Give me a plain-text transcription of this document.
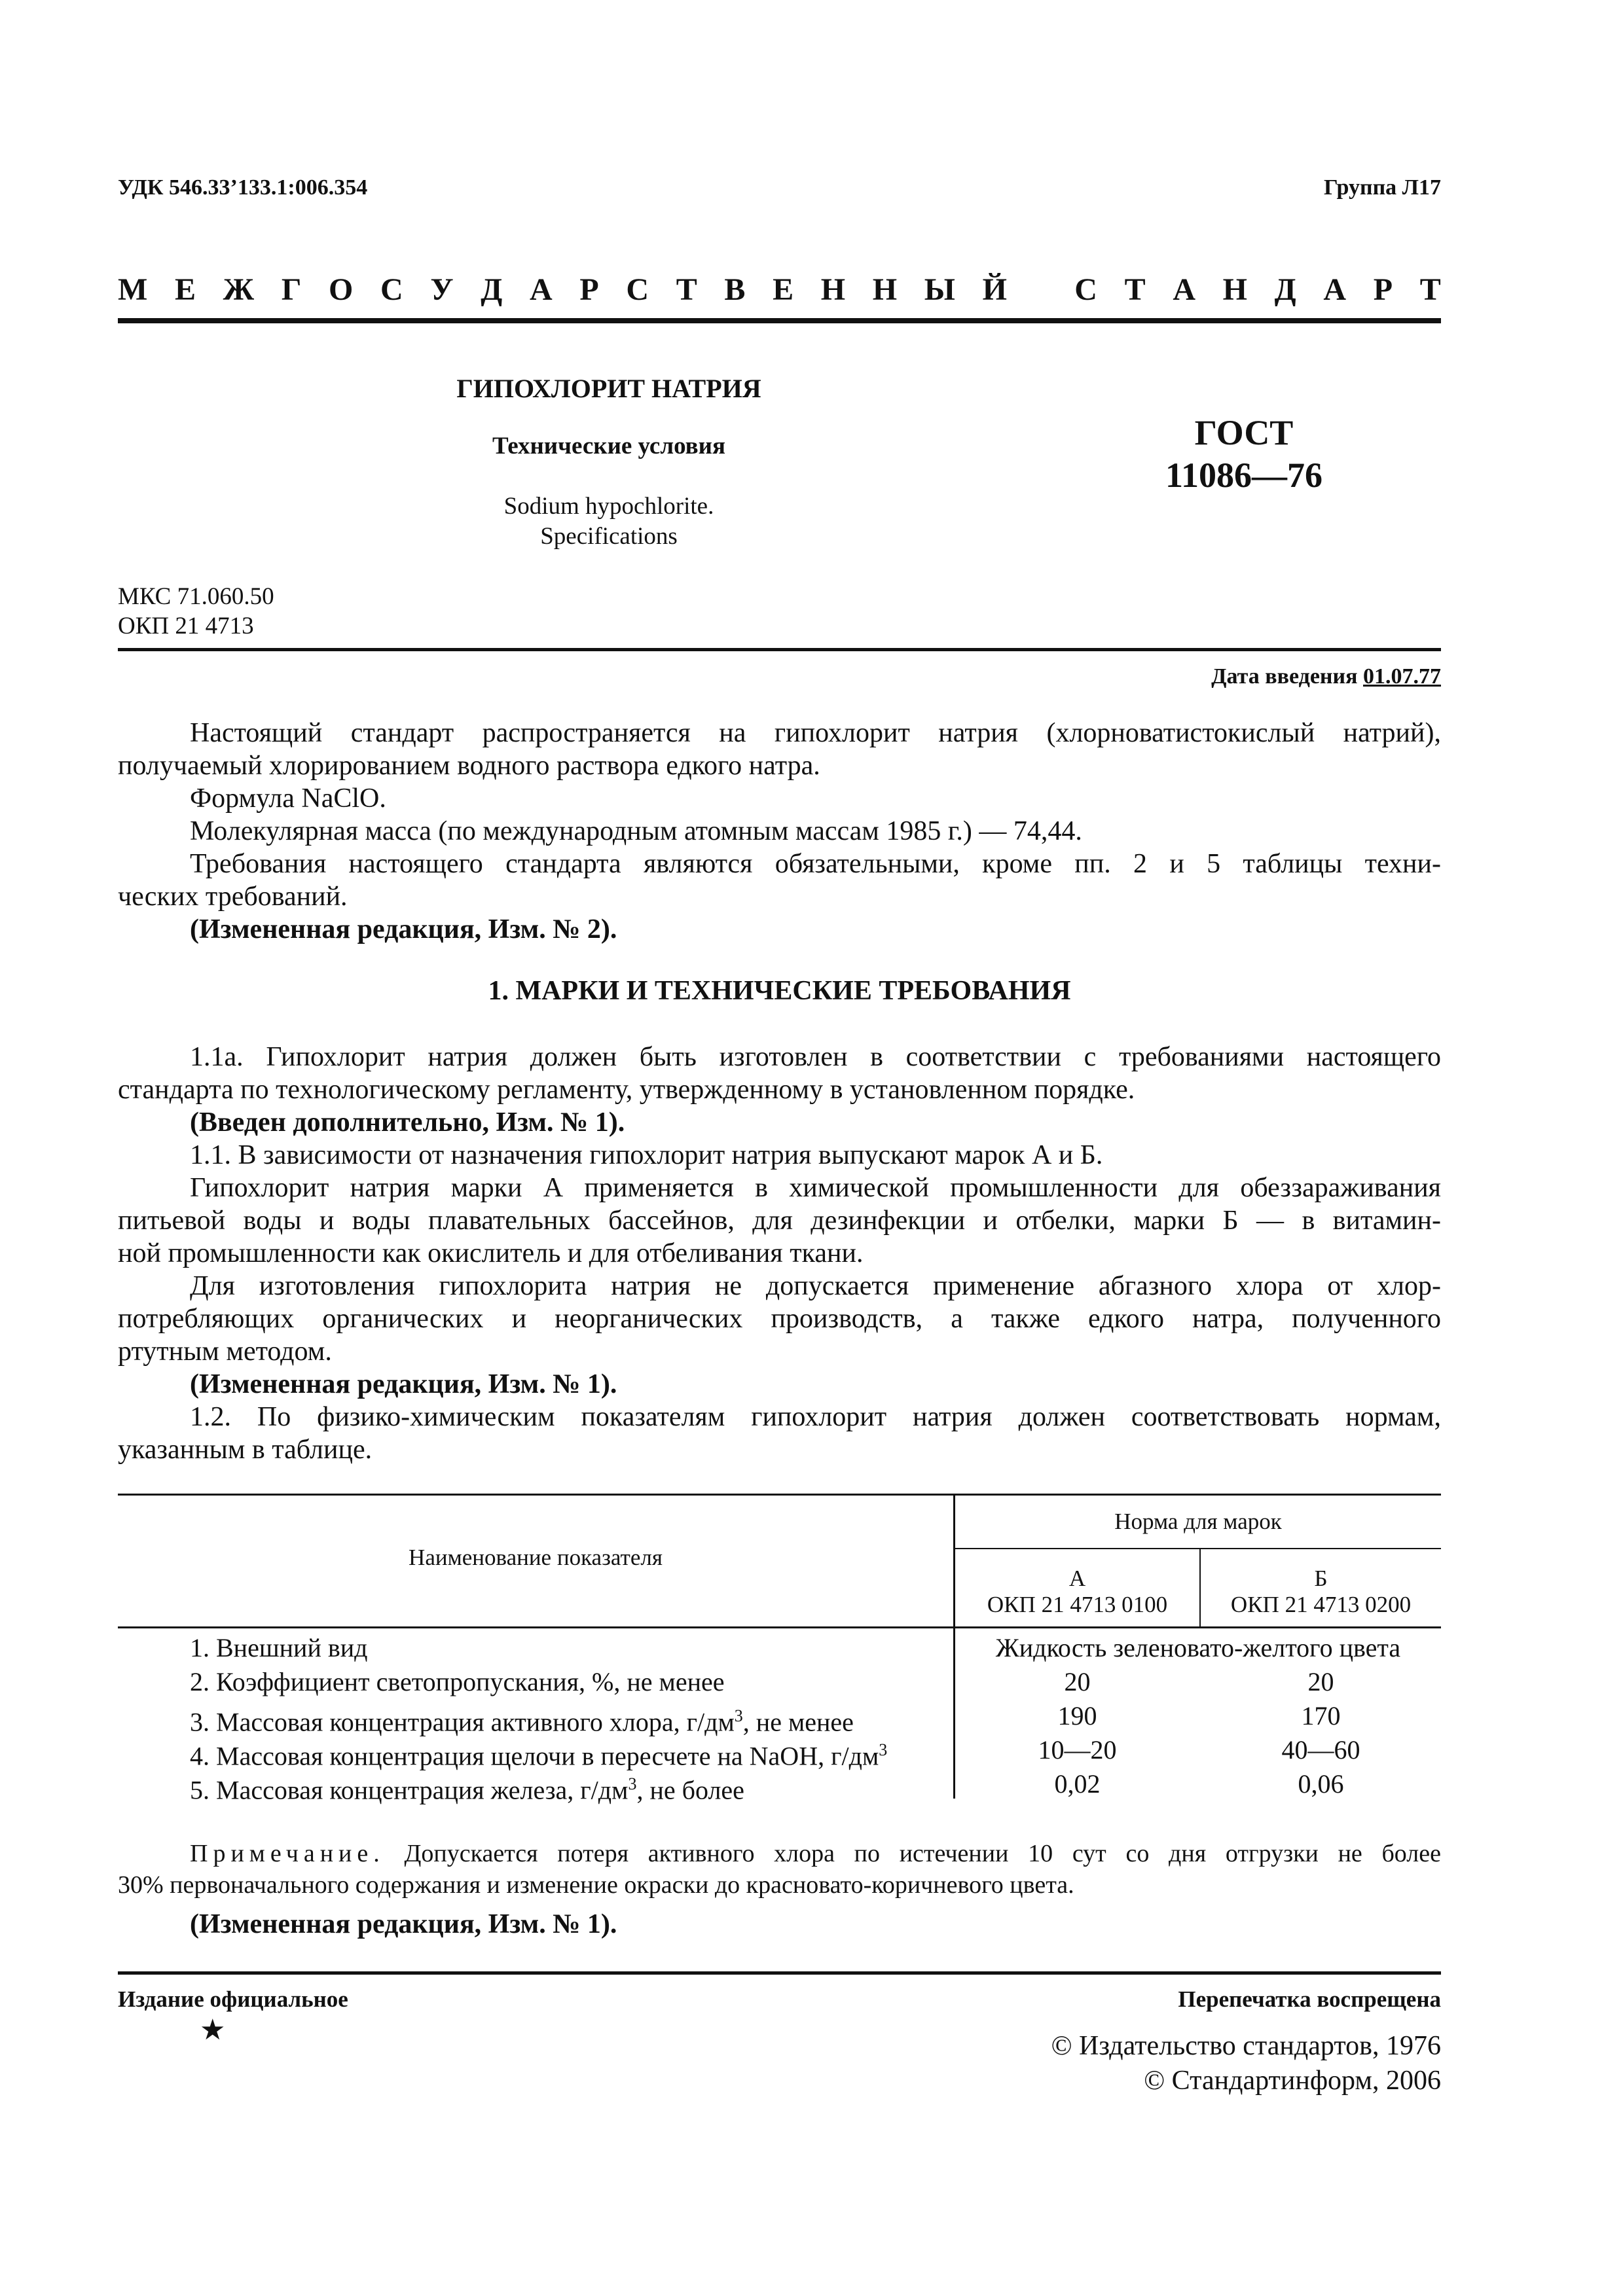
УДК 546.33’133.1:006.354	Группа Л17
М Е Ж Г О С У Д А Р С Т В Е Н Н Ы Й С Т А Н Д А Р Т
ГИПОХЛОРИТ НАТРИЯ
Технические условия
Sodium hypochlorite.
Specifications
ГОСТ
11086—76
МКС 71.060.50
ОКП 21 4713
Дата введения 01.07.77
Настоящий стандарт распространяется на гипохлорит натрия (хлорноватистокислый натрий),
получаемый хлорированием водного раствора едкого натра.
Формула NaClO.
Молекулярная масса (по международным атомным массам 1985 г.) — 74,44.
Требования настоящего стандарта являются обязательными, кроме пп. 2 и 5 таблицы техни-
ческих требований.
(Измененная редакция, Изм. № 2).
1. МАРКИ И ТЕХНИЧЕСКИЕ ТРЕБОВАНИЯ
1.1а. Гипохлорит натрия должен быть изготовлен в соответствии с требованиями настоящего
стандарта по технологическому регламенту, утвержденному в установленном порядке.
(Введен дополнительно, Изм. № 1).
1.1. В зависимости от назначения гипохлорит натрия выпускают марок А и Б.
Гипохлорит натрия марки А применяется в химической промышленности для обеззараживания
питьевой воды и воды плавательных бассейнов, для дезинфекции и отбелки, марки Б — в витамин-
ной промышленности как окислитель и для отбеливания ткани.
Для изготовления гипохлорита натрия не допускается применение абгазного хлора от хлор-
потребляющих органических и неорганических производств, а также едкого натра, полученного
ртутным методом.
(Измененная редакция, Изм. № 1).
1.2. По физико-химическим показателям гипохлорит натрия должен соответствовать нормам,
указанным в таблице.
Наименование показателя
Норма для марок
А
ОКП 21 4713 0100
Б
ОКП 21 4713 0200
1. Внешний вид	Жидкость зеленовато-желтого цвета
2. Коэффициент светопропускания, %, не менее	20	20
3. Массовая концентрация активного хлора, $г/дм^3$, не менее	190	170
4. Массовая концентрация щелочи в пересчете на NaOH, $г/дм^3$	10—20	40—60
5. Массовая концентрация железа, $г/дм^3$, не более	0,02	0,06
Примечание. Допускается потеря активного хлора по истечении 10 сут со дня отгрузки не более
30% первоначального содержания и изменение окраски до красновато-коричневого цвета.
(Измененная редакция, Изм. № 1).
Издание официальное
★
Перепечатка воспрещена
© Издательство стандартов, 1976
© Стандартинформ, 2006
